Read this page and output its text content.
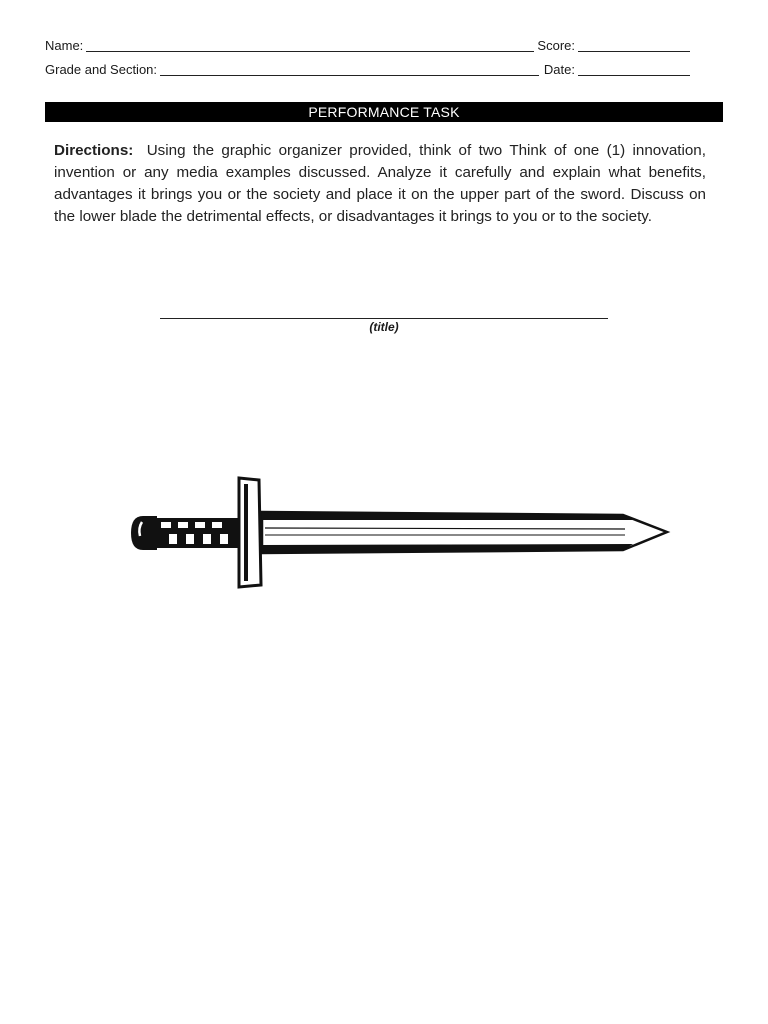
Name:	Score:
Grade and Section:	Date:
PERFORMANCE TASK
Directions: Using the graphic organizer provided, think of two Think of one (1) innovation, invention or any media examples discussed. Analyze it carefully and explain what benefits, advantages it brings you or the society and place it on the upper part of the sword. Discuss on the lower blade the detrimental effects, or disadvantages it brings to you or to the society.
(title)
